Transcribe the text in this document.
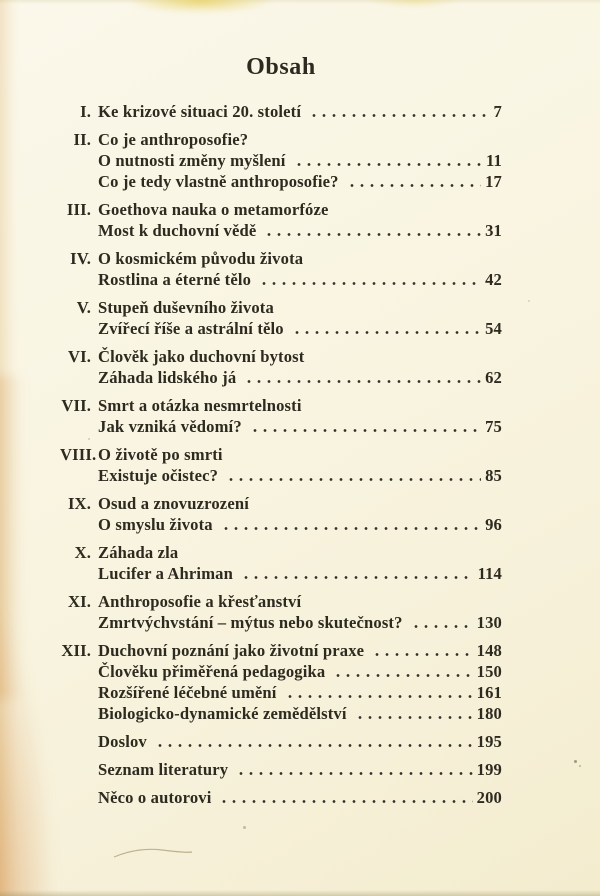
Obsah
I. Ke krizové situaci 20. století	7
II. Co je anthroposofie?
O nutnosti změny myšlení	11
Co je tedy vlastně anthroposofie?	17
III. Goethova nauka o metamorfóze
Most k duchovní vědě	31
IV. O kosmickém původu života
Rostlina a éterné tělo	42
V. Stupeň duševního života
Zvířecí říše a astrální tělo	54
VI. Člověk jako duchovní bytost
Záhada lidského já	62
VII. Smrt a otázka nesmrtelnosti
Jak vzniká vědomí?	75
VIII. O životě po smrti
Existuje očistec?	85
IX. Osud a znovuzrození
O smyslu života	96
X. Záhada zla
Lucifer a Ahriman	114
XI. Anthroposofie a křesťanství
Zmrtvýchvstání – mýtus nebo skutečnost?	130
XII. Duchovní poznání jako životní praxe	148
Člověku přiměřená pedagogika	150
Rozšířené léčebné umění	161
Biologicko-dynamické zemědělství	180
Doslov	195
Seznam literatury	199
Něco o autorovi	200
